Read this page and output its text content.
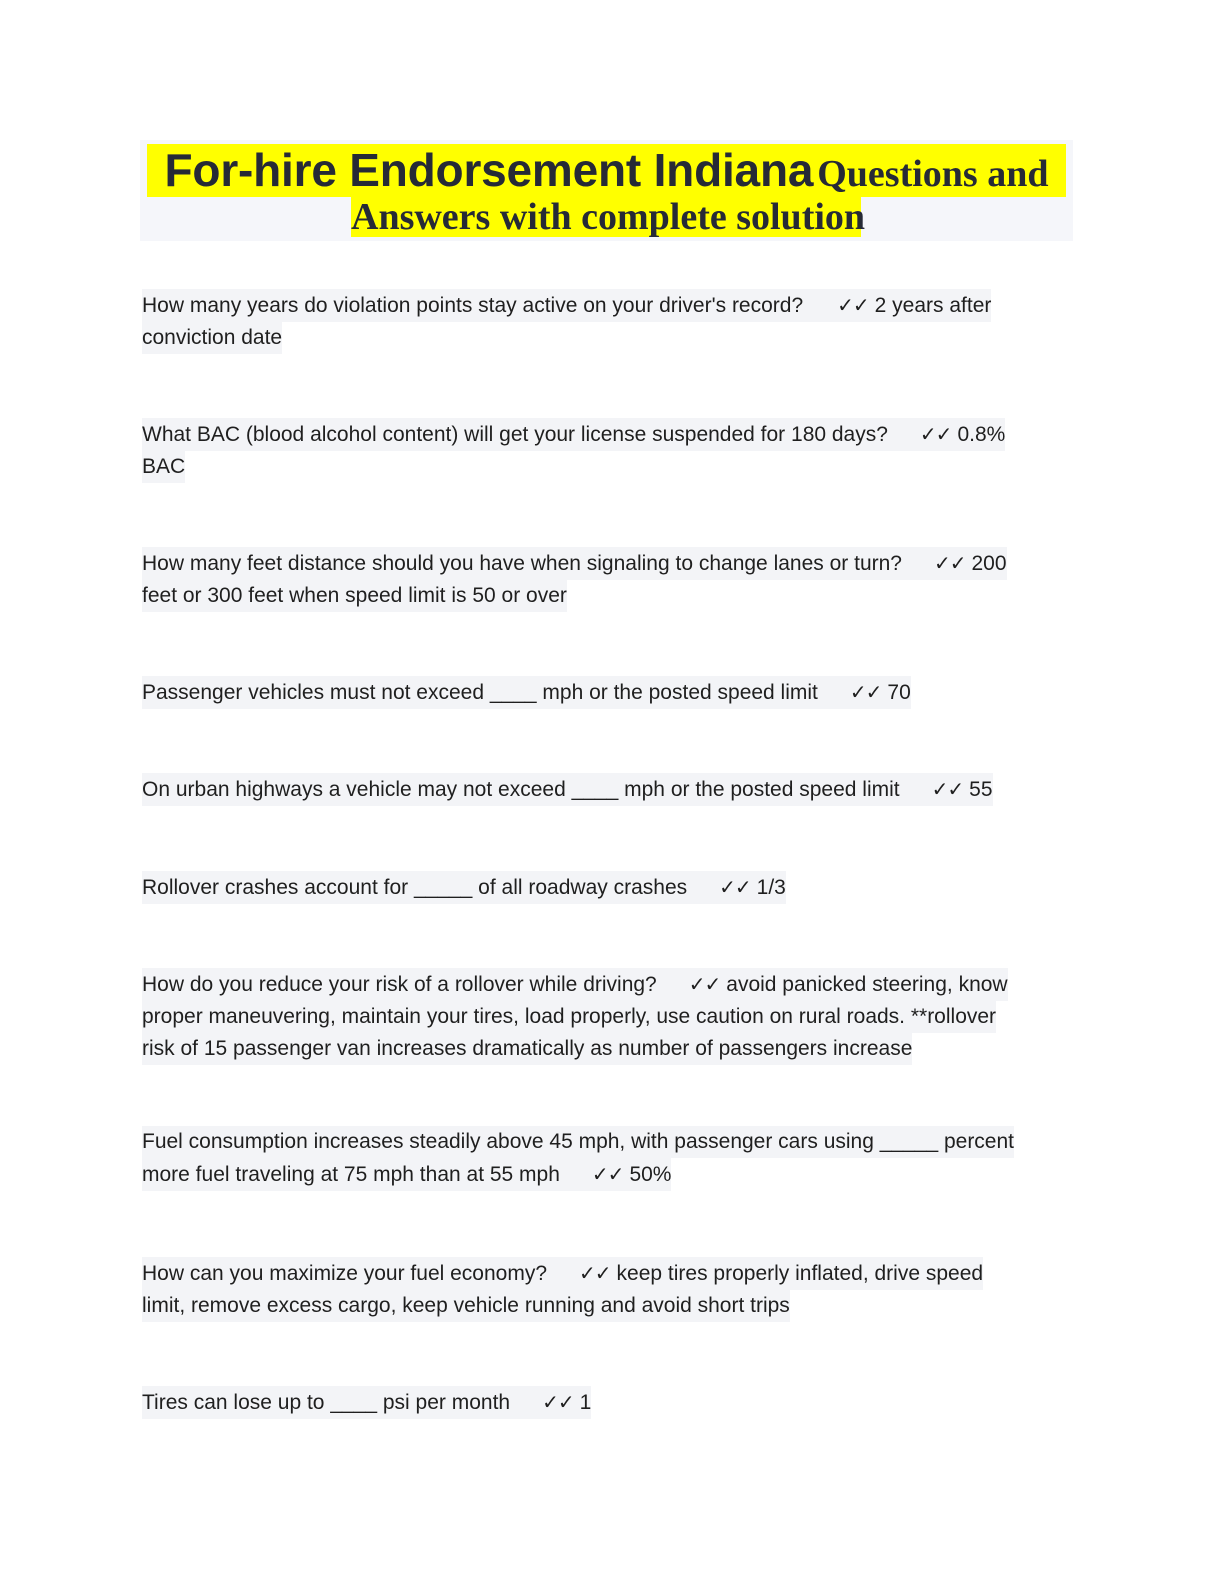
For-hire Endorsement Indiana Questions and
Answers with complete solution
How many years do violation points stay active on your driver's record? ✓✓ 2 years after
conviction date
What BAC (blood alcohol content) will get your license suspended for 180 days? ✓✓ 0.8%
BAC
How many feet distance should you have when signaling to change lanes or turn? ✓✓ 200
feet or 300 feet when speed limit is 50 or over
Passenger vehicles must not exceed ____ mph or the posted speed limit ✓✓ 70
On urban highways a vehicle may not exceed ____ mph or the posted speed limit ✓✓ 55
Rollover crashes account for _____ of all roadway crashes ✓✓ 1/3
How do you reduce your risk of a rollover while driving? ✓✓ avoid panicked steering, know
proper maneuvering, maintain your tires, load properly, use caution on rural roads. **rollover
risk of 15 passenger van increases dramatically as number of passengers increase
Fuel consumption increases steadily above 45 mph, with passenger cars using _____ percent
more fuel traveling at 75 mph than at 55 mph ✓✓ 50%
How can you maximize your fuel economy? ✓✓ keep tires properly inflated, drive speed
limit, remove excess cargo, keep vehicle running and avoid short trips
Tires can lose up to ____ psi per month ✓✓ 1
